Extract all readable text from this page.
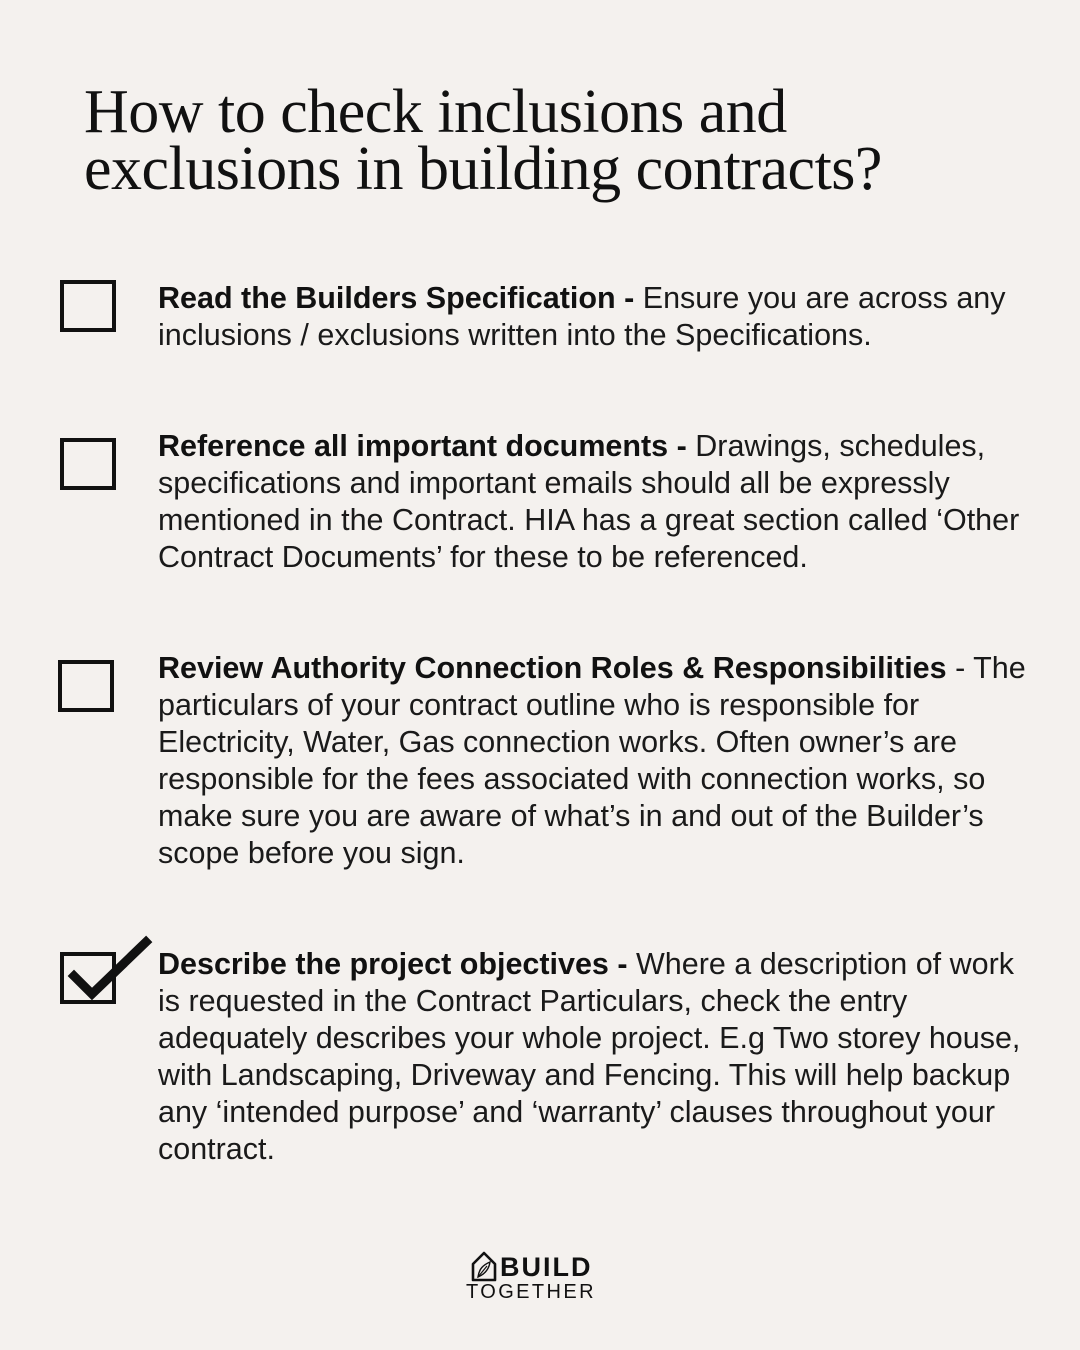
How to check inclusions and exclusions in building contracts?

Read the Builders Specification - Ensure you are across any inclusions / exclusions written into the Specifications.

Reference all important documents - Drawings, schedules, specifications and important emails should all be expressly mentioned in the Contract. HIA has a great section called ‘Other Contract Documents’ for these to be referenced.

Review Authority Connection Roles & Responsibilities - The particulars of your contract outline who is responsible for Electricity, Water, Gas connection works. Often owner’s are responsible for the fees associated with connection works, so make sure you are aware of what’s in and out of the Builder’s scope before you sign.

Describe the project objectives - Where a description of work is requested in the Contract Particulars, check the entry adequately describes your whole project. E.g Two storey house, with Landscaping, Driveway and Fencing. This will help backup any ‘intended purpose’ and ‘warranty’ clauses throughout your contract.

BUILD
TOGETHER
